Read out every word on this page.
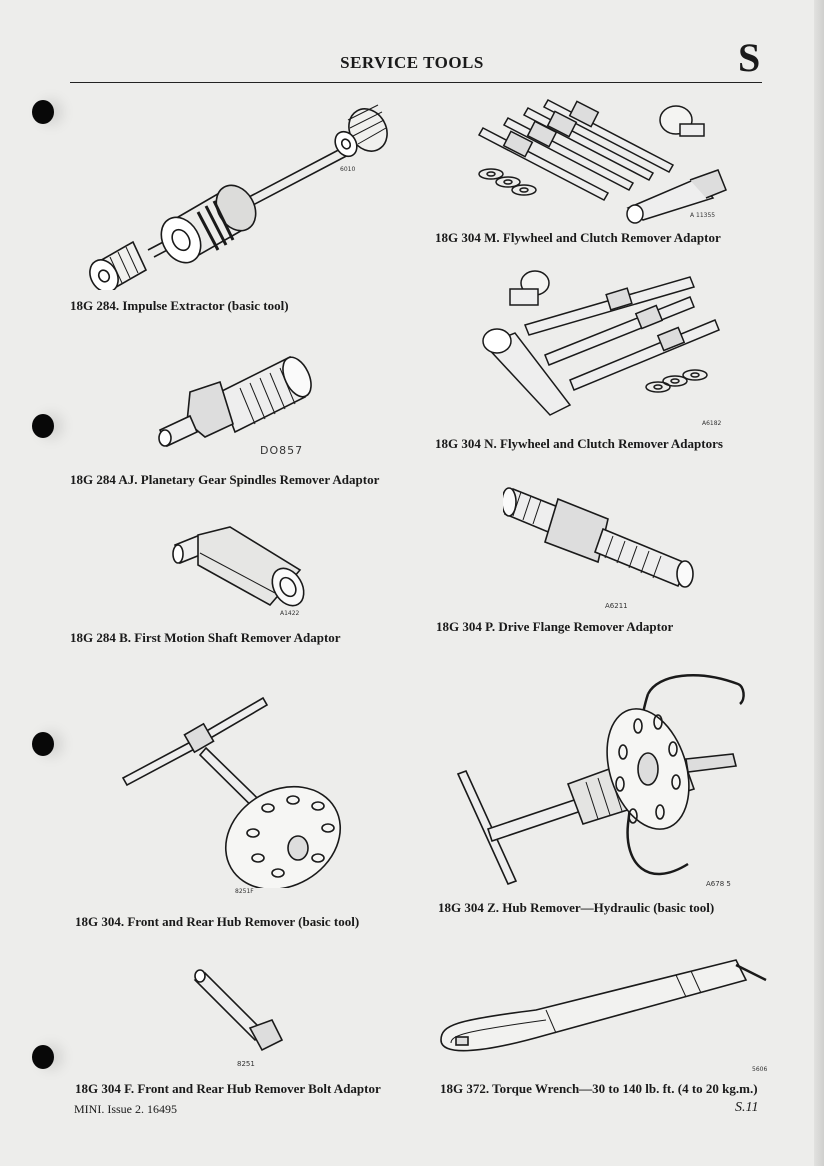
SERVICE TOOLS	S
6010
18G 284. Impulse Extractor (basic tool)
A 11355
18G 304 M. Flywheel and Clutch Remover Adaptor
A6182
18G 304 N. Flywheel and Clutch Remover Adaptors
DO857
18G 284 AJ. Planetary Gear Spindles Remover Adaptor
A6211
18G 304 P. Drive Flange Remover Adaptor
A1422
18G 284 B. First Motion Shaft Remover Adaptor
8251F
18G 304. Front and Rear Hub Remover (basic tool)
A678 5
18G 304 Z. Hub Remover—Hydraulic (basic tool)
8251
18G 304 F. Front and Rear Hub Remover Bolt Adaptor
5606
18G 372. Torque Wrench—30 to 140 lb. ft. (4 to 20 kg.m.)
MINI. Issue 2. 16495	S.11
